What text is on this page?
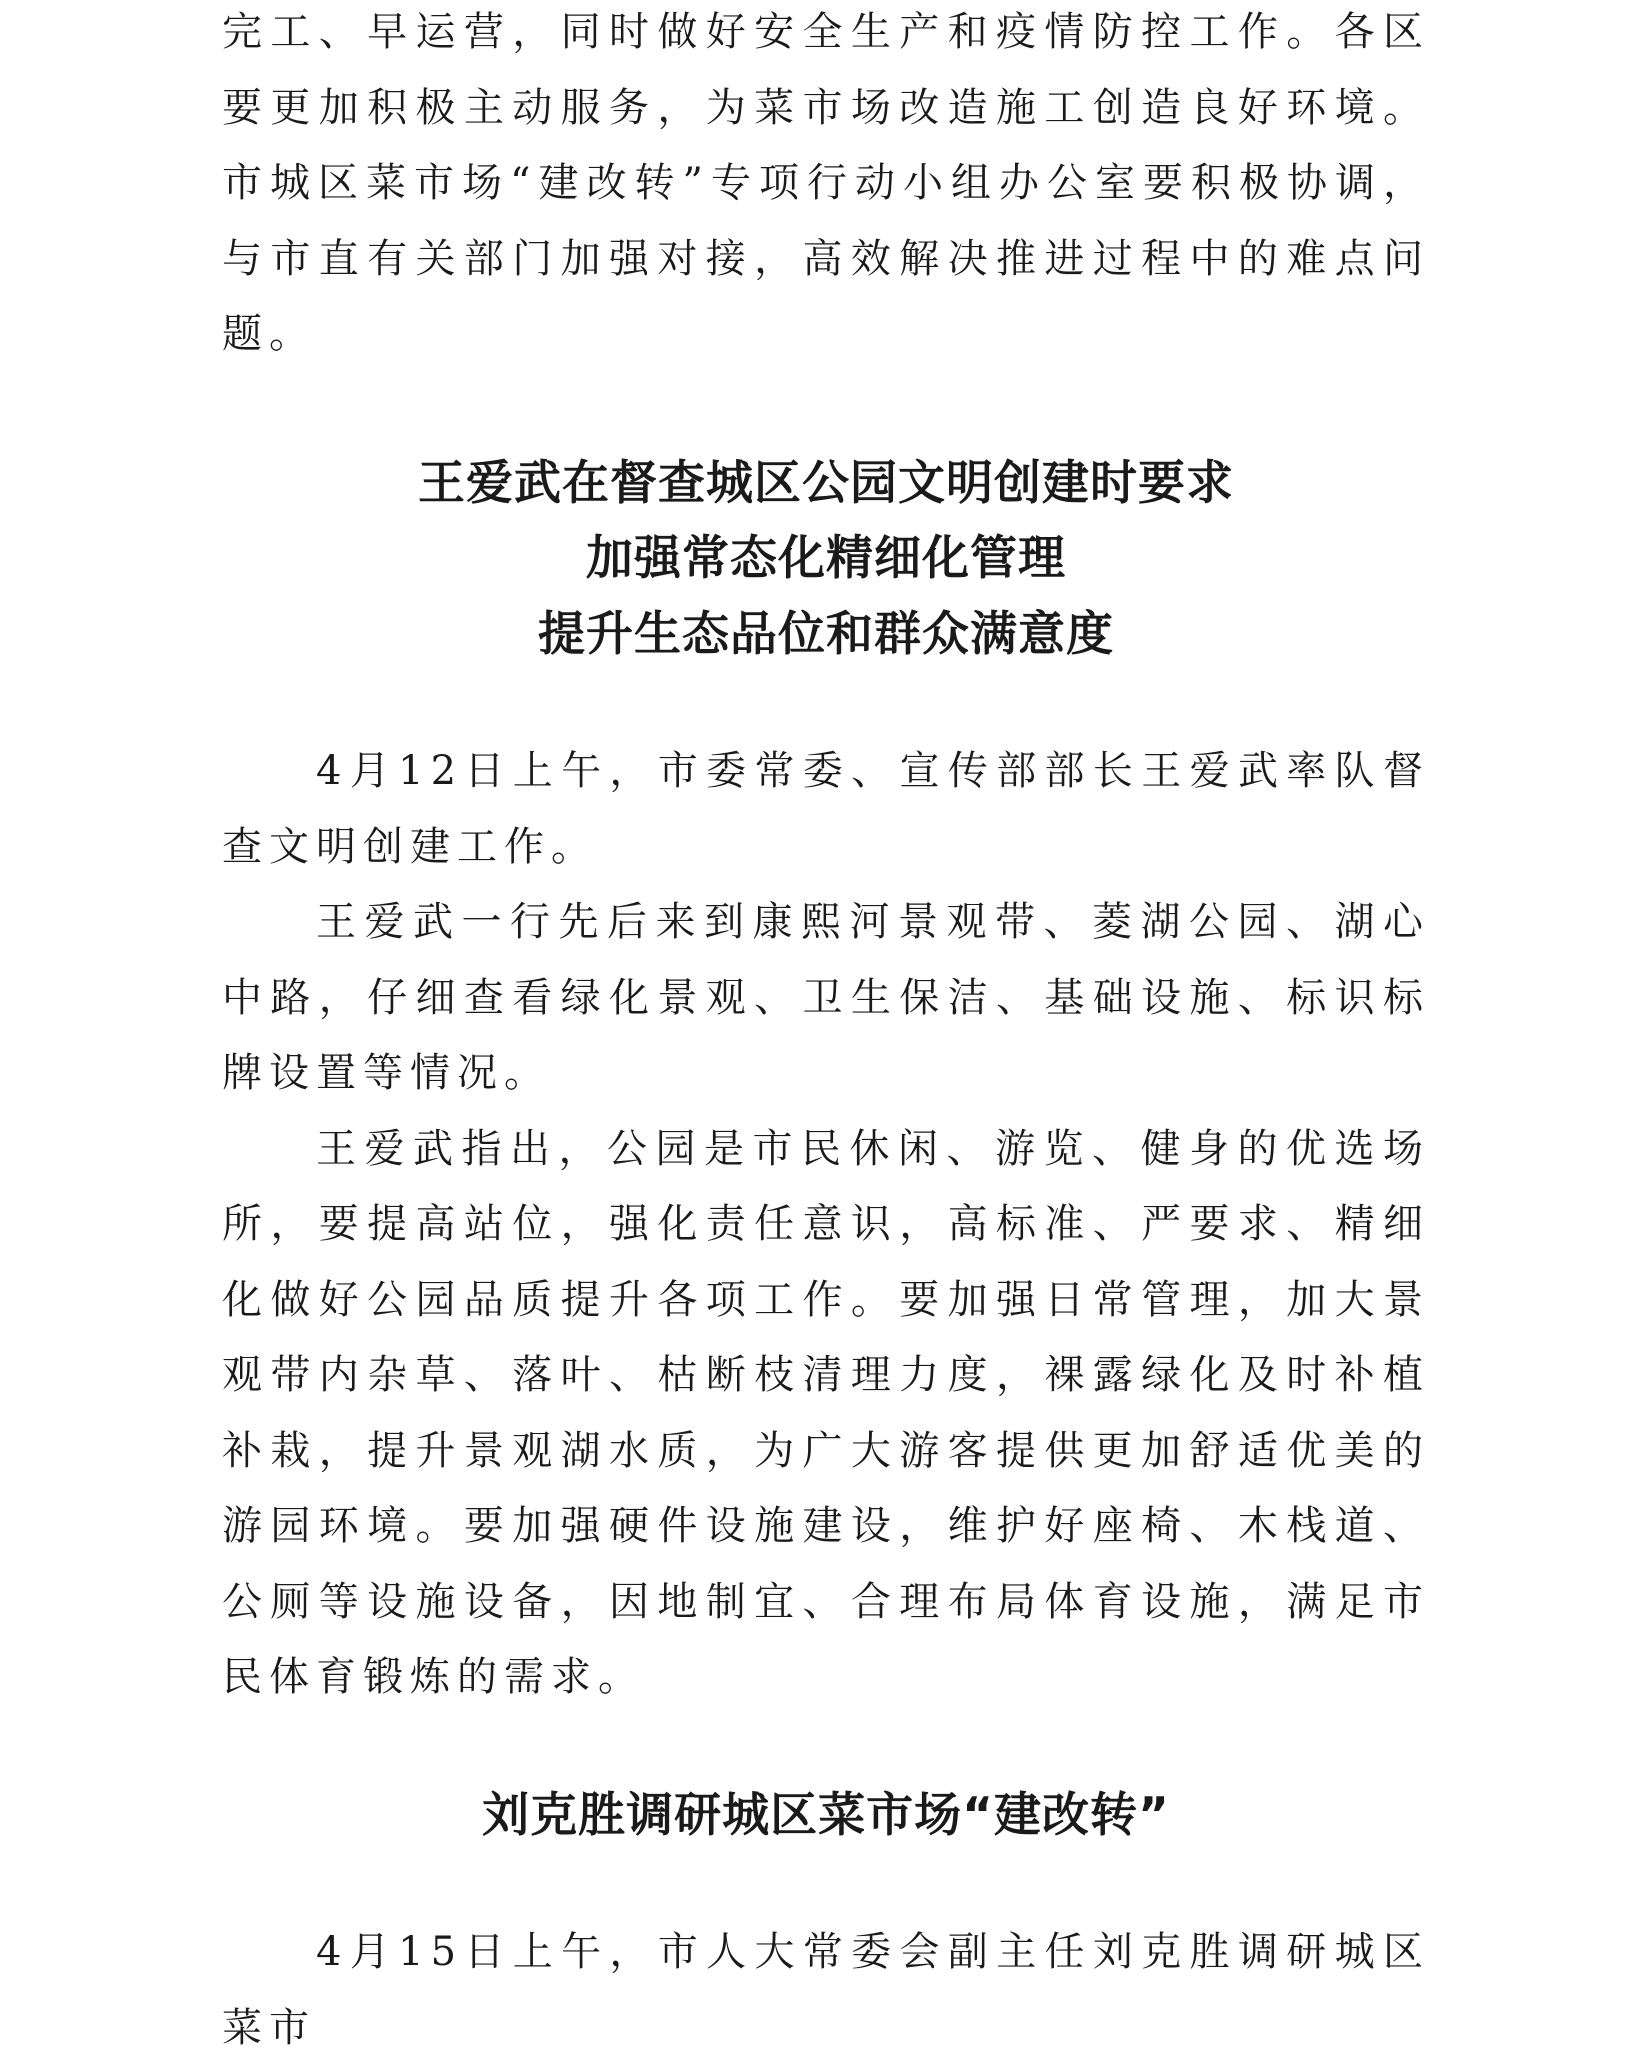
完工、早运营，同时做好安全生产和疫情防控工作。各区要更加积极主动服务，为菜市场改造施工创造良好环境。市城区菜市场“建改转”专项行动小组办公室要积极协调，与市直有关部门加强对接，高效解决推进过程中的难点问题。

王爱武在督查城区公园文明创建时要求
加强常态化精细化管理
提升生态品位和群众满意度

4月12日上午，市委常委、宣传部部长王爱武率队督查文明创建工作。

王爱武一行先后来到康熙河景观带、菱湖公园、湖心中路，仔细查看绿化景观、卫生保洁、基础设施、标识标牌设置等情况。

王爱武指出，公园是市民休闲、游览、健身的优选场所，要提高站位，强化责任意识，高标准、严要求、精细化做好公园品质提升各项工作。要加强日常管理，加大景观带内杂草、落叶、枯断枝清理力度，裸露绿化及时补植补栽，提升景观湖水质，为广大游客提供更加舒适优美的游园环境。要加强硬件设施建设，维护好座椅、木栈道、公厕等设施设备，因地制宜、合理布局体育设施，满足市民体育锻炼的需求。

刘克胜调研城区菜市场“建改转”

4月15日上午，市人大常委会副主任刘克胜调研城区菜市
